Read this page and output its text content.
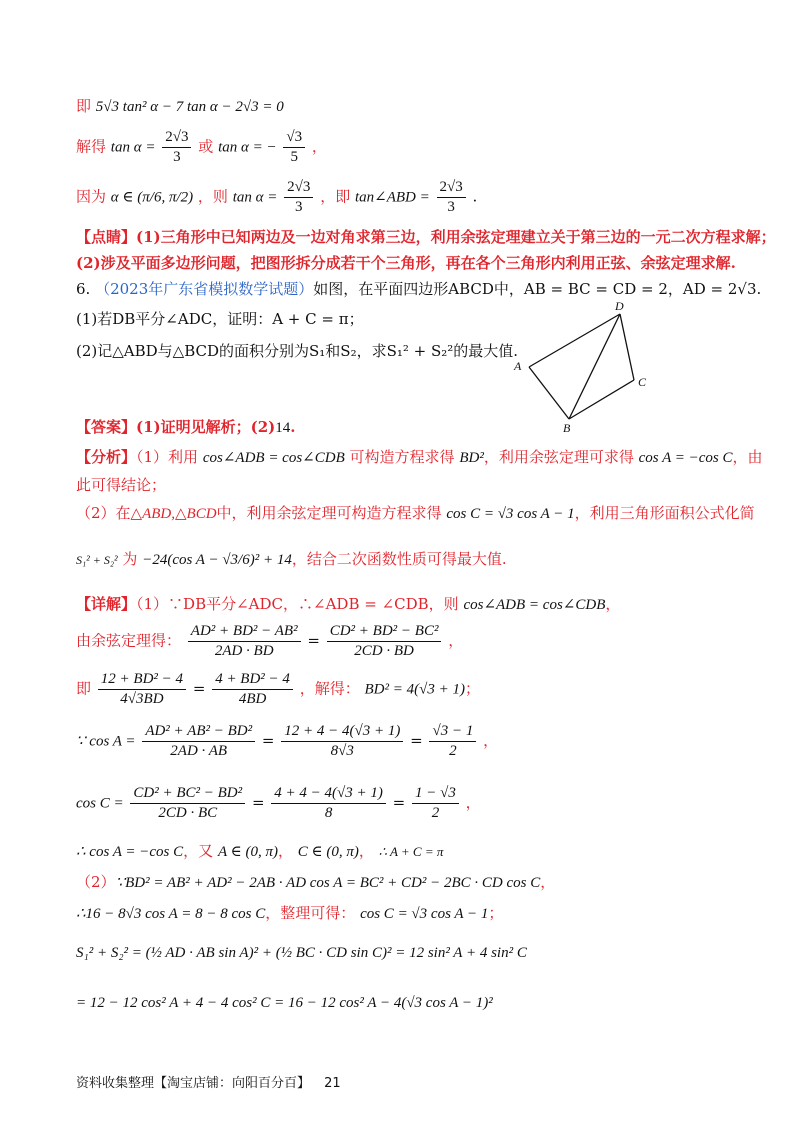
即 5√3 tan² α − 7 tan α − 2√3 = 0
解得 $\tan \alpha = \frac{2√3}{3}$ 或 tan α = − $\frac{√3}{5}$ ，
因为 α ∈ (π/6, π/2) ，则 $\tan \alpha = \frac{2√3}{3}$ ，即 tan∠ABD = $\frac{2√3}{3}$ .
【点睛】(1)三角形中已知两边及一边对角求第三边，利用余弦定理建立关于第三边的一元二次方程求解；
(2)涉及平面多边形问题，把图形拆分成若干个三角形，再在各个三角形内利用正弦、余弦定理求解.
6. （2023年广东省模拟数学试题）如图，在平面四边形ABCD中，AB = BC = CD = 2，AD = 2√3.
(1)若DB平分∠ADC，证明：A + C = π；
(2)记△ABD与△BCD的面积分别为S₁和S₂，求S₁² + S₂²的最大值.
A
B
C
D
【答案】(1)证明见解析；(2)14.
【分析】（1）利用 cos∠ADB = cos∠CDB 可构造方程求得 BD²，利用余弦定理可求得 cos A = −cos C，由
此可得结论；
（2）在△ABD,△BCD中，利用余弦定理可构造方程求得 cos C = √3 cos A − 1，利用三角形面积公式化简
S₁² + S₂² 为 −24(cos A − √3/6)² + 14，结合二次函数性质可得最大值.
【详解】（1）∵DB平分∠ADC，∴∠ADB = ∠CDB，则 cos∠ADB = cos∠CDB，
由余弦定理得： $\frac{\text{AD² + BD² − AB²}}{2AD \cdot BD} = \frac{\text{CD² + BD² − BC²}}{2CD \cdot BD}$ ，
即 $\frac{\text{12 + BD² − 4}}{4√3BD} = \frac{\text{4 + BD² − 4}}{4BD}$ ，解得： BD² = 4(√3 + 1)；
∵ $\cos A = \frac{\text{AD² + AB² − BD²}}{2AD \cdot AB} = \frac{12 + 4 - 4(√3 + 1)}{8√3} = \frac{√3 - 1}{2}$ ，
$\cos C = \frac{\text{CD² + BC² − BD²}}{2CD \cdot BC} = \frac{4 + 4 - 4(√3 + 1)}{8} = \frac{1 - √3}{2}$ ，
∴ cos A = −cos C，又 A ∈ (0, π)， C ∈ (0, π)， ∴ A + C = π
（2）∵BD² = AB² + AD² − 2AB · AD cos A = BC² + CD² − 2BC · CD cos C，
∴16 − 8√3 cos A = 8 − 8 cos C，整理可得： cos C = √3 cos A − 1；
S₁² + S₂² = (½ AD · AB sin A)² + (½ BC · CD sin C)² = 12 sin² A + 4 sin² C
= 12 − 12 cos² A + 4 − 4 cos² C = 16 − 12 cos² A − 4(√3 cos A − 1)²
资料收集整理【淘宝店铺：向阳百分百】 21
